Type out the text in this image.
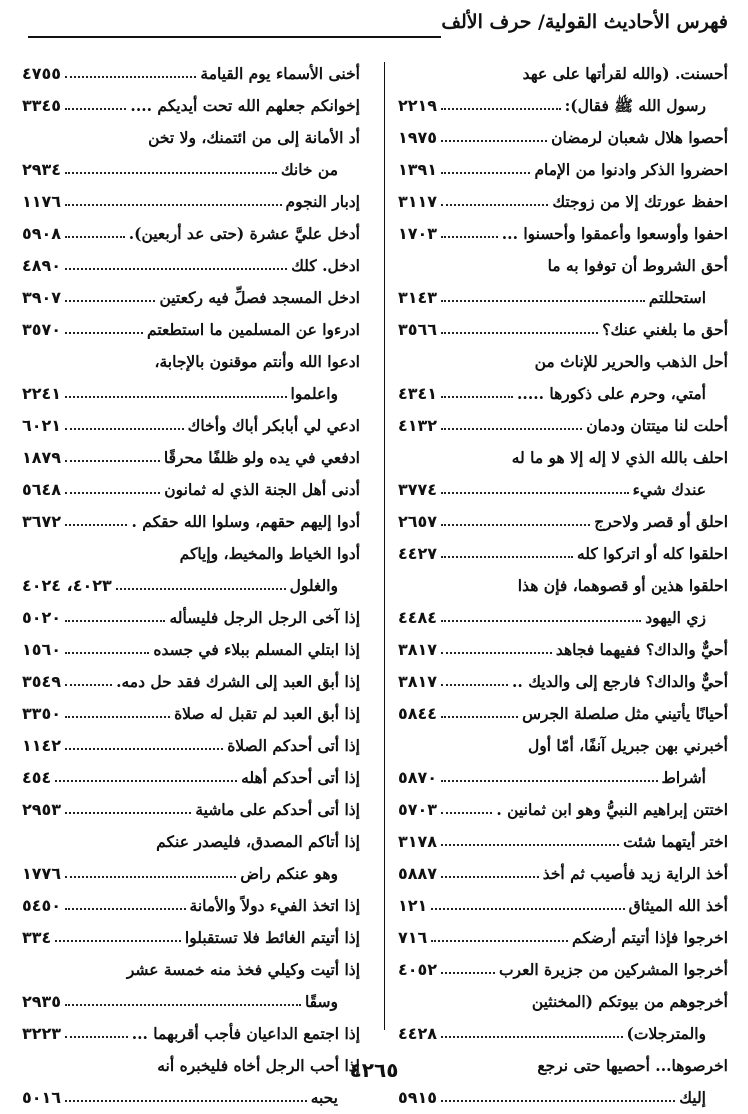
فهرس الأحاديث القولية/ حرف الألف
أحسنت. (والله لقرأتها على عهد
رسول الله ﷺ فقال):
٢٢١٩
أحصوا هلال شعبان لرمضان
١٩٧٥
احضروا الذكر وادنوا من الإمام
١٣٩١
احفظ عورتك إلا من زوجتك
٣١١٧
احفوا وأوسعوا وأعمقوا وأحسنوا ...
١٧٠٣
أحق الشروط أن توفوا به ما
استحللتم
٣١٤٣
أحق ما بلغني عنك؟
٣٥٦٦
أحل الذهب والحرير للإناث من
أمتي، وحرم على ذكورها .....
٤٣٤١
أحلت لنا ميتتان ودمان
٤١٣٢
احلف بالله الذي لا إله إلا هو ما له
عندك شيء
٣٧٧٤
احلق أو قصر ولاحرج
٢٦٥٧
احلقوا كله أو اتركوا كله
٤٤٢٧
احلقوا هذين أو قصوهما، فإن هذا
زي اليهود
٤٤٨٤
أحيٌّ والداك؟ ففيهما فجاهد
٣٨١٧
أحيٌّ والداك؟ فارجع إلى والديك ..
٣٨١٧
أحيانًا يأتيني مثل صلصلة الجرس
٥٨٤٤
أخبرني بهن جبريل آنفًا، أمّا أول
أشراط
٥٨٧٠
اختتن إبراهيم النبيُّ وهو ابن ثمانين .
٥٧٠٣
اختر أيتهما شئت
٣١٧٨
أخذ الراية زيد فأصيب ثم أخذ
٥٨٨٧
أخذ الله الميثاق
١٢١
اخرجوا فإذا أتيتم أرضكم
٧١٦
أخرجوا المشركين من جزيرة العرب
٤٠٥٢
أخرجوهم من بيوتكم (المخنثين
والمترجلات)
٤٤٢٨
اخرصوها... أحصيها حتى نرجع
إليك
٥٩١٥
أخنى الأسماء يوم القيامة
٤٧٥٥
إخوانكم جعلهم الله تحت أيديكم ....
٣٣٤٥
أد الأمانة إلى من ائتمنك، ولا تخن
من خانك
٢٩٣٤
إدبار النجوم
١١٧٦
أدخل عليَّ عشرة (حتى عد أربعين).
٥٩٠٨
ادخل. كلك
٤٨٩٠
ادخل المسجد فصلِّ فيه ركعتين
٣٩٠٧
ادرءوا عن المسلمين ما استطعتم
٣٥٧٠
ادعوا الله وأنتم موقنون بالإجابة،
واعلموا
٢٢٤١
ادعي لي أبابكر أباك وأخاك
٦٠٢١
ادفعي في يده ولو ظلفًا محرقًا
١٨٧٩
أدنى أهل الجنة الذي له ثمانون
٥٦٤٨
أدوا إليهم حقهم، وسلوا الله حقكم .
٣٦٧٢
أدوا الخياط والمخيط، وإياكم
والغلول
٤٠٢٣، ٤٠٢٤
إذا آخى الرجل الرجل فليسأله
٥٠٢٠
إذا ابتلي المسلم ببلاء في جسده
١٥٦٠
إذا أبق العبد إلى الشرك فقد حل دمه.
٣٥٤٩
إذا أبق العبد لم تقبل له صلاة
٣٣٥٠
إذا أتى أحدكم الصلاة
١١٤٢
إذا أتى أحدكم أهله
٤٥٤
إذا أتى أحدكم على ماشية
٢٩٥٣
إذا أتاكم المصدق، فليصدر عنكم
وهو عنكم راض
١٧٧٦
إذا اتخذ الفيء دولاً والأمانة
٥٤٥٠
إذا أتيتم الغائط فلا تستقبلوا
٣٣٤
إذا أتيت وكيلي فخذ منه خمسة عشر
وسقًا
٢٩٣٥
إذا اجتمع الداعيان فأجب أقربهما ...
٣٢٢٣
إذا أحب الرجل أخاه فليخبره أنه
يحبه
٥٠١٦
٤٢٦٥
